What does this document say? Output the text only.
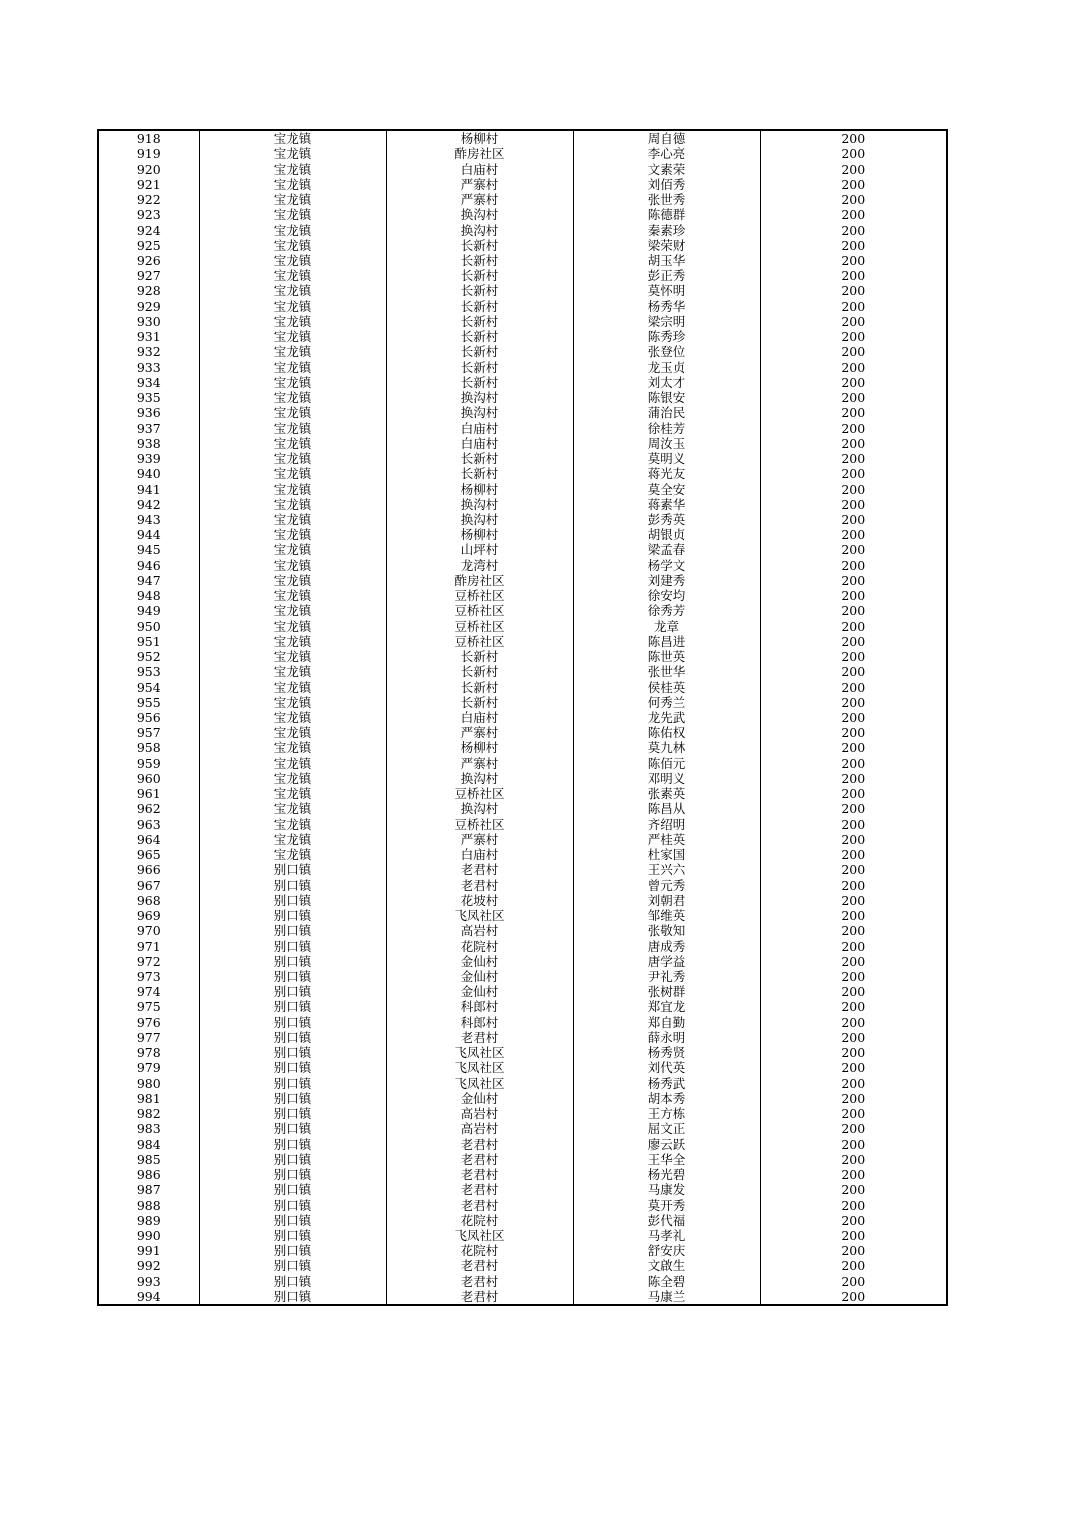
918	宝龙镇	杨柳村	周自德	200
919	宝龙镇	酢房社区	李心亮	200
920	宝龙镇	白庙村	文素荣	200
921	宝龙镇	严寨村	刘佰秀	200
922	宝龙镇	严寨村	张世秀	200
923	宝龙镇	换沟村	陈德群	200
924	宝龙镇	换沟村	秦素珍	200
925	宝龙镇	长新村	梁荣财	200
926	宝龙镇	长新村	胡玉华	200
927	宝龙镇	长新村	彭正秀	200
928	宝龙镇	长新村	莫怀明	200
929	宝龙镇	长新村	杨秀华	200
930	宝龙镇	长新村	梁宗明	200
931	宝龙镇	长新村	陈秀珍	200
932	宝龙镇	长新村	张登位	200
933	宝龙镇	长新村	龙玉贞	200
934	宝龙镇	长新村	刘太才	200
935	宝龙镇	换沟村	陈银安	200
936	宝龙镇	换沟村	蒲治民	200
937	宝龙镇	白庙村	徐桂芳	200
938	宝龙镇	白庙村	周汝玉	200
939	宝龙镇	长新村	莫明义	200
940	宝龙镇	长新村	蒋光友	200
941	宝龙镇	杨柳村	莫全安	200
942	宝龙镇	换沟村	蒋素华	200
943	宝龙镇	换沟村	彭秀英	200
944	宝龙镇	杨柳村	胡银贞	200
945	宝龙镇	山坪村	梁孟春	200
946	宝龙镇	龙湾村	杨学文	200
947	宝龙镇	酢房社区	刘建秀	200
948	宝龙镇	豆桥社区	徐安均	200
949	宝龙镇	豆桥社区	徐秀芳	200
950	宝龙镇	豆桥社区	龙章	200
951	宝龙镇	豆桥社区	陈昌进	200
952	宝龙镇	长新村	陈世英	200
953	宝龙镇	长新村	张世华	200
954	宝龙镇	长新村	侯桂英	200
955	宝龙镇	长新村	何秀兰	200
956	宝龙镇	白庙村	龙先武	200
957	宝龙镇	严寨村	陈佑权	200
958	宝龙镇	杨柳村	莫九林	200
959	宝龙镇	严寨村	陈佰元	200
960	宝龙镇	换沟村	邓明义	200
961	宝龙镇	豆桥社区	张素英	200
962	宝龙镇	换沟村	陈昌从	200
963	宝龙镇	豆桥社区	齐绍明	200
964	宝龙镇	严寨村	严桂英	200
965	宝龙镇	白庙村	杜家国	200
966	别口镇	老君村	王兴六	200
967	别口镇	老君村	曾元秀	200
968	别口镇	花坡村	刘朝君	200
969	别口镇	飞凤社区	邹维英	200
970	别口镇	高岩村	张敬知	200
971	别口镇	花院村	唐成秀	200
972	别口镇	金仙村	唐学益	200
973	别口镇	金仙村	尹礼秀	200
974	别口镇	金仙村	张树群	200
975	别口镇	科郎村	郑宜龙	200
976	别口镇	科郎村	郑自勤	200
977	别口镇	老君村	薛永明	200
978	别口镇	飞凤社区	杨秀贤	200
979	别口镇	飞凤社区	刘代英	200
980	别口镇	飞凤社区	杨秀武	200
981	别口镇	金仙村	胡本秀	200
982	别口镇	高岩村	王方栋	200
983	别口镇	高岩村	屈文正	200
984	别口镇	老君村	廖云跃	200
985	别口镇	老君村	王华全	200
986	别口镇	老君村	杨光碧	200
987	别口镇	老君村	马康发	200
988	别口镇	老君村	莫开秀	200
989	别口镇	花院村	彭代福	200
990	别口镇	飞凤社区	马孝礼	200
991	别口镇	花院村	舒安庆	200
992	别口镇	老君村	文啟生	200
993	别口镇	老君村	陈全碧	200
994	别口镇	老君村	马康兰	200
